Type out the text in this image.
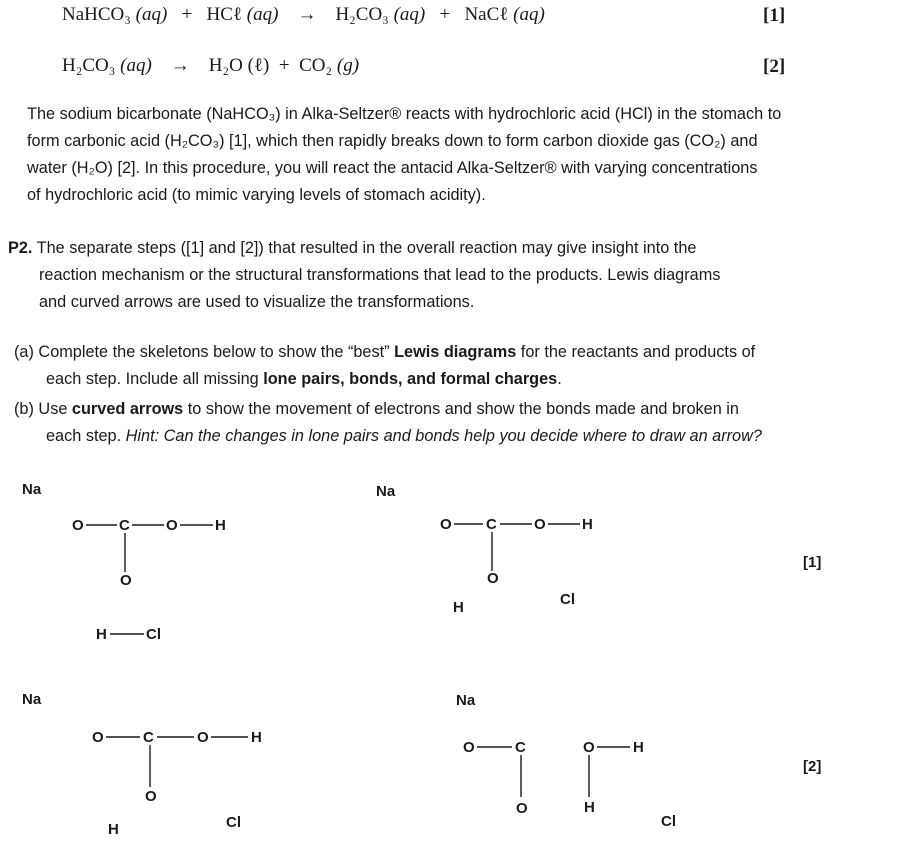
NaHCO₃ (aq) + HCℓ (aq) → H₂CO₃ (aq) + NaCℓ (aq)	[1]
H₂CO₃ (aq) → H₂O (ℓ) + CO₂ (g)	[2]
The sodium bicarbonate (NaHCO₃) in Alka-Seltzer® reacts with hydrochloric acid (HCl) in the stomach to
form carbonic acid (H₂CO₃) [1], which then rapidly breaks down to form carbon dioxide gas (CO₂) and
water (H₂O) [2]. In this procedure, you will react the antacid Alka-Seltzer® with varying concentrations
of hydrochloric acid (to mimic varying levels of stomach acidity).
P2. The separate steps ([1] and [2]) that resulted in the overall reaction may give insight into the
reaction mechanism or the structural transformations that lead to the products. Lewis diagrams
and curved arrows are used to visualize the transformations.
(a) Complete the skeletons below to show the “best” Lewis diagrams for the reactants and products of
each step. Include all missing lone pairs, bonds, and formal charges.
(b) Use curved arrows to show the movement of electrons and show the bonds made and broken in
each step. Hint: Can the changes in lone pairs and bonds help you decide where to draw an arrow?
Na
O C O H
O
H	Cl
Na
O C O H
O
H	Cl
Na
O	C	O	H
O
H	Cl
Na
O	C
O
O	H
H
Cl
[1]
[2]
